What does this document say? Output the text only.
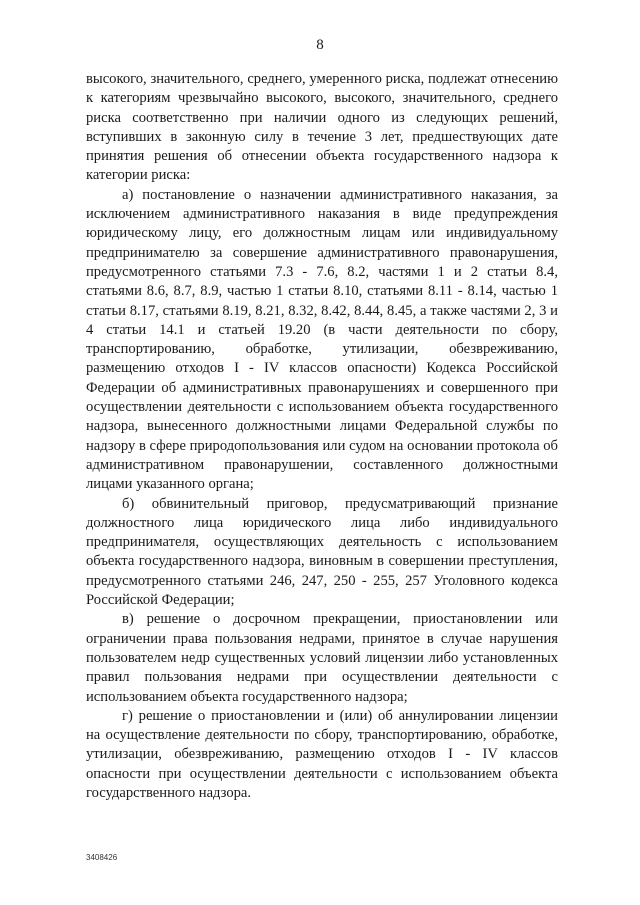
8

высокого, значительного, среднего, умеренного риска, подлежат отнесению к категориям чрезвычайно высокого, высокого, значительного, среднего риска соответственно при наличии одного из следующих решений, вступивших в законную силу в течение 3 лет, предшествующих дате принятия решения об отнесении объекта государственного надзора к категории риска:

а) постановление о назначении административного наказания, за исключением административного наказания в виде предупреждения юридическому лицу, его должностным лицам или индивидуальному предпринимателю за совершение административного правонарушения, предусмотренного статьями 7.3 - 7.6, 8.2, частями 1 и 2 статьи 8.4, статьями 8.6, 8.7, 8.9, частью 1 статьи 8.10, статьями 8.11 - 8.14, частью 1 статьи 8.17, статьями 8.19, 8.21, 8.32, 8.42, 8.44, 8.45, а также частями 2, 3 и 4 статьи 14.1 и статьей 19.20 (в части деятельности по сбору, транспортированию, обработке, утилизации, обезвреживанию, размещению отходов I - IV классов опасности) Кодекса Российской Федерации об административных правонарушениях и совершенного при осуществлении деятельности с использованием объекта государственного надзора, вынесенного должностными лицами Федеральной службы по надзору в сфере природопользования или судом на основании протокола об административном правонарушении, составленного должностными лицами указанного органа;

б) обвинительный приговор, предусматривающий признание должностного лица юридического лица либо индивидуального предпринимателя, осуществляющих деятельность с использованием объекта государственного надзора, виновным в совершении преступления, предусмотренного статьями 246, 247, 250 - 255, 257 Уголовного кодекса Российской Федерации;

в) решение о досрочном прекращении, приостановлении или ограничении права пользования недрами, принятое в случае нарушения пользователем недр существенных условий лицензии либо установленных правил пользования недрами при осуществлении деятельности с использованием объекта государственного надзора;

г) решение о приостановлении и (или) об аннулировании лицензии на осуществление деятельности по сбору, транспортированию, обработке, утилизации, обезвреживанию, размещению отходов I - IV классов опасности при осуществлении деятельности с использованием объекта государственного надзора.

3408426
